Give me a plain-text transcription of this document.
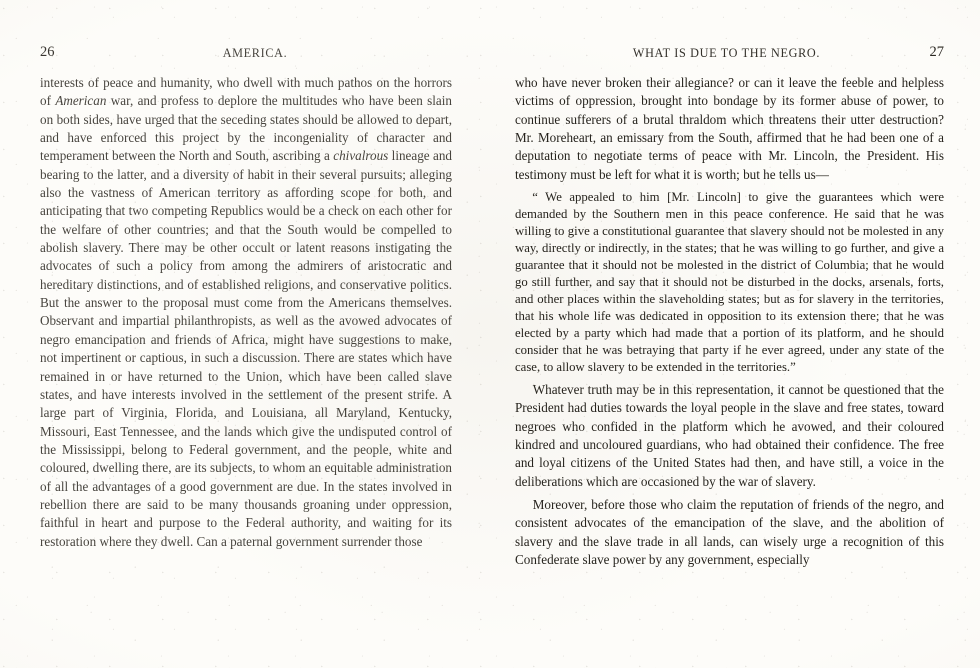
26	AMERICA.

interests of peace and humanity, who dwell with much pathos on the horrors of American war, and profess to deplore the multitudes who have been slain on both sides, have urged that the seceding states should be allowed to depart, and have enforced this project by the incongeniality of character and temperament between the North and South, ascribing a chivalrous lineage and bearing to the latter, and a diversity of habit in their several pursuits; alleging also the vastness of American territory as affording scope for both, and anticipating that two competing Republics would be a check on each other for the welfare of other countries; and that the South would be compelled to abolish slavery. There may be other occult or latent reasons instigating the advocates of such a policy from among the admirers of aristocratic and hereditary distinctions, and of established religions, and conservative politics. But the answer to the proposal must come from the Americans themselves. Observant and impartial philanthropists, as well as the avowed advocates of negro emancipation and friends of Africa, might have suggestions to make, not impertinent or captious, in such a discussion. There are states which have remained in or have returned to the Union, which have been called slave states, and have interests involved in the settlement of the present strife. A large part of Virginia, Florida, and Louisiana, all Maryland, Kentucky, Missouri, East Tennessee, and the lands which give the undisputed control of the Mississippi, belong to Federal government, and the people, white and coloured, dwelling there, are its subjects, to whom an equitable administration of all the advantages of a good government are due. In the states involved in rebellion there are said to be many thousands groaning under oppression, faithful in heart and purpose to the Federal authority, and waiting for its restoration where they dwell. Can a paternal government surrender those

WHAT IS DUE TO THE NEGRO.	27

who have never broken their allegiance? or can it leave the feeble and helpless victims of oppression, brought into bondage by its former abuse of power, to continue sufferers of a brutal thraldom which threatens their utter destruction? Mr. Moreheart, an emissary from the South, affirmed that he had been one of a deputation to negotiate terms of peace with Mr. Lincoln, the President. His testimony must be left for what it is worth; but he tells us—

“ We appealed to him [Mr. Lincoln] to give the guarantees which were demanded by the Southern men in this peace conference. He said that he was willing to give a constitutional guarantee that slavery should not be molested in any way, directly or indirectly, in the states; that he was willing to go further, and give a guarantee that it should not be molested in the district of Columbia; that he would go still further, and say that it should not be disturbed in the docks, arsenals, forts, and other places within the slaveholding states; but as for slavery in the territories, that his whole life was dedicated in opposition to its extension there; that he was elected by a party which had made that a portion of its platform, and he should consider that he was betraying that party if he ever agreed, under any state of the case, to allow slavery to be extended in the territories.”

Whatever truth may be in this representation, it cannot be questioned that the President had duties towards the loyal people in the slave and free states, toward negroes who confided in the platform which he avowed, and their coloured kindred and uncoloured guardians, who had obtained their confidence. The free and loyal citizens of the United States had then, and have still, a voice in the deliberations which are occasioned by the war of slavery.

Moreover, before those who claim the reputation of friends of the negro, and consistent advocates of the emancipation of the slave, and the abolition of slavery and the slave trade in all lands, can wisely urge a recognition of this Confederate slave power by any government, especially
